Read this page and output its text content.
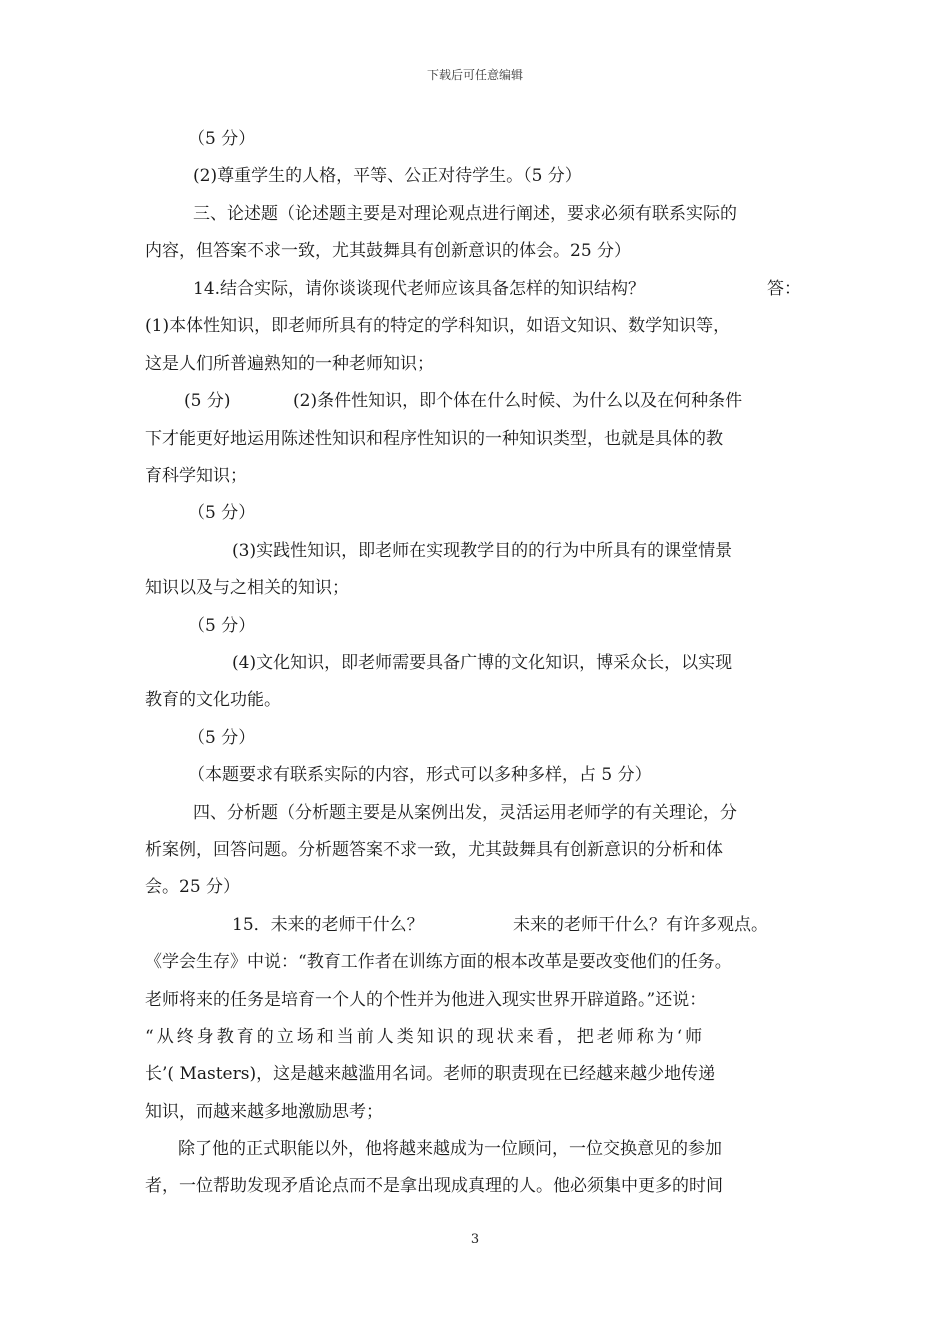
下载后可任意编辑
（5 分）
(2)尊重学生的人格，平等、公正对待学生。（5 分）
三、论述题（论述题主要是对理论观点进行阐述，要求必须有联系实际的
内容，但答案不求一致，尤其鼓舞具有创新意识的体会。25 分）
14.结合实际，请你谈谈现代老师应该具备怎样的知识结构？	答：
(1)本体性知识，即老师所具有的特定的学科知识，如语文知识、数学知识等，
这是人们所普遍熟知的一种老师知识；
(5 分)	(2)条件性知识，即个体在什么时候、为什么以及在何种条件
下才能更好地运用陈述性知识和程序性知识的一种知识类型，也就是具体的教
育科学知识；
（5 分）
(3)实践性知识，即老师在实现教学目的的行为中所具有的课堂情景
知识以及与之相关的知识；
（5 分）
(4)文化知识，即老师需要具备广博的文化知识，博采众长，以实现
教育的文化功能。
（5 分）
（本题要求有联系实际的内容，形式可以多种多样，占 5 分）
四、分析题（分析题主要是从案例出发，灵活运用老师学的有关理论，分
析案例，回答问题。分析题答案不求一致，尤其鼓舞具有创新意识的分析和体
会。25 分）
15．未来的老师干什么？	未来的老师干什么？有许多观点。
《学会生存》中说：“教育工作者在训练方面的根本改革是要改变他们的任务。
老师将来的任务是培育一个人的个性并为他进入现实世界开辟道路。”还说：
“从终身教育的立场和当前人类知识的现状来看，把老师称为‘师
长’( Masters)，这是越来越滥用名词。老师的职责现在已经越来越少地传递
知识，而越来越多地激励思考；
除了他的正式职能以外，他将越来越成为一位顾问，一位交换意见的参加
者，一位帮助发现矛盾论点而不是拿出现成真理的人。他必须集中更多的时间
3
